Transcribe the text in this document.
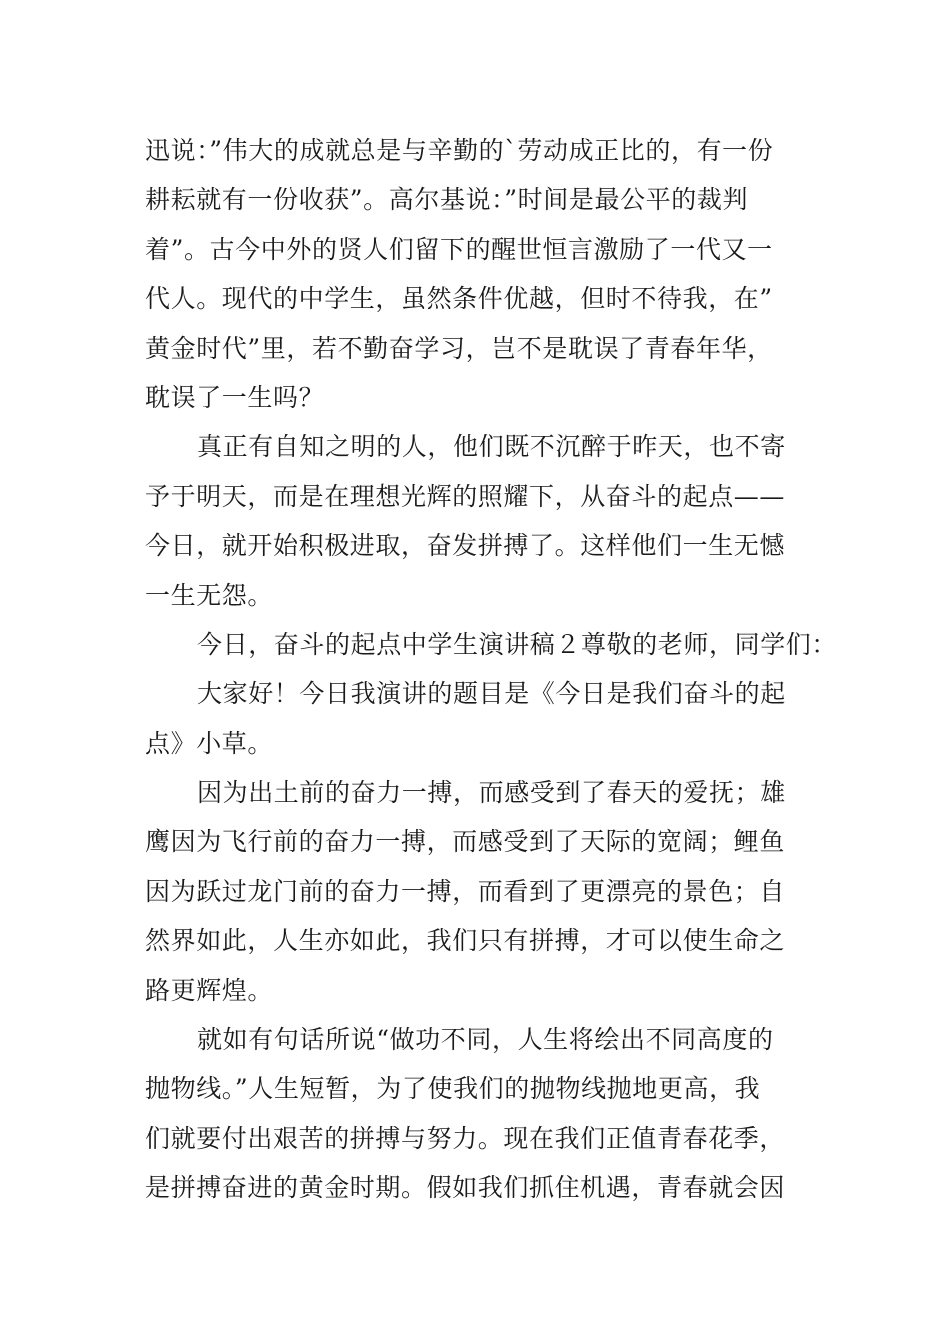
迅说：”伟大的成就总是与辛勤的`劳动成正比的，有一份
耕耘就有一份收获”。高尔基说：”时间是最公平的裁判
着”。古今中外的贤人们留下的醒世恒言激励了一代又一
代人。现代的中学生，虽然条件优越，但时不待我，在”
黄金时代”里，若不勤奋学习，岂不是耽误了青春年华，
耽误了一生吗？
真正有自知之明的人，他们既不沉醉于昨天，也不寄
予于明天，而是在理想光辉的照耀下，从奋斗的起点——
今日，就开始积极进取，奋发拼搏了。这样他们一生无憾
一生无怨。
今日，奋斗的起点中学生演讲稿２尊敬的老师，同学们：
大家好！今日我演讲的题目是《今日是我们奋斗的起
点》小草。
因为出土前的奋力一搏，而感受到了春天的爱抚；雄
鹰因为飞行前的奋力一搏，而感受到了天际的宽阔；鲤鱼
因为跃过龙门前的奋力一搏，而看到了更漂亮的景色；自
然界如此，人生亦如此，我们只有拼搏，才可以使生命之
路更辉煌。
就如有句话所说“做功不同，人生将绘出不同高度的
抛物线。”人生短暂，为了使我们的抛物线抛地更高，我
们就要付出艰苦的拼搏与努力。现在我们正值青春花季，
是拼搏奋进的黄金时期。假如我们抓住机遇，青春就会因
